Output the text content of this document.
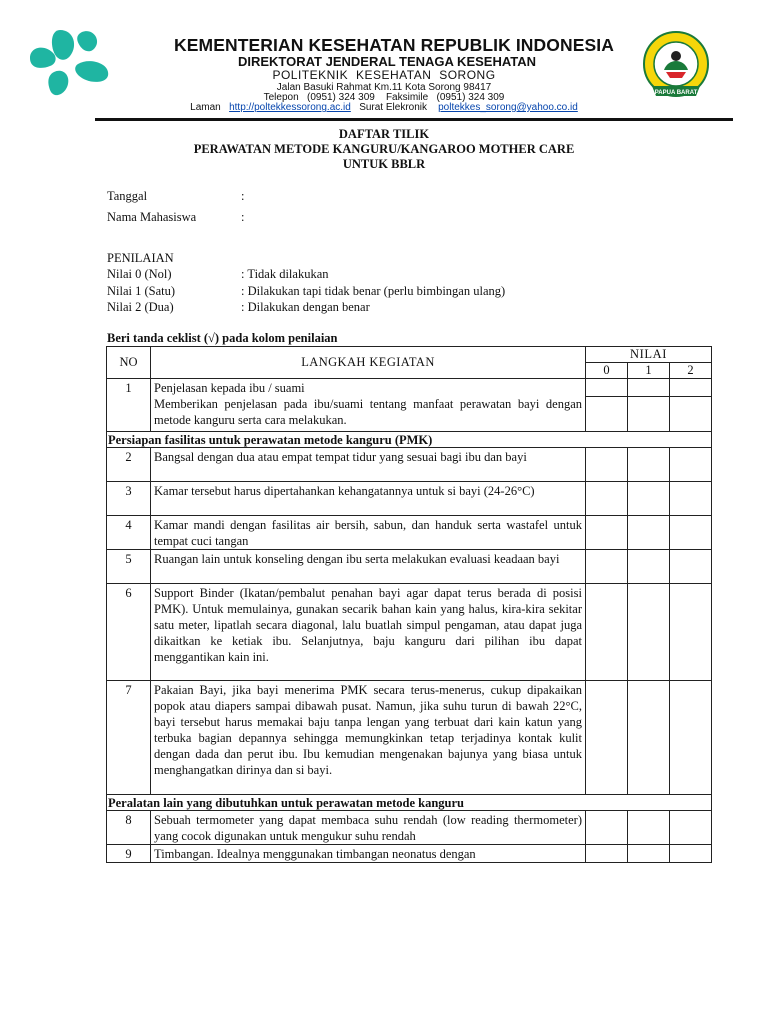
PAPUA BARAT
KEMENTERIAN KESEHATAN REPUBLIK INDONESIA
DIREKTORAT JENDERAL TENAGA KESEHATAN
POLITEKNIK KESEHATAN SORONG
Jalan Basuki Rahmat Km.11 Kota Sorong 98417
Telepon (0951) 324 309 Faksimile (0951) 324 309
Laman http://poltekkessorong.ac.id Surat Elekronik poltekkes_sorong@yahoo.co.id
DAFTAR TILIK
PERAWATAN METODE KANGURU/KANGAROO MOTHER CARE
UNTUK BBLR
Tanggal	:
Nama Mahasiswa	:
PENILAIAN
Nilai 0 (Nol)	: Tidak dilakukan
Nilai 1 (Satu)	: Dilakukan tapi tidak benar (perlu bimbingan ulang)
Nilai 2 (Dua)	: Dilakukan dengan benar
Beri tanda ceklist (√) pada kolom penilaian
NO	LANGKAH KEGIATAN	NILAI		
		0	1	2
1	Penjelasan kepada ibu / suami
Memberikan penjelasan pada ibu/suami tentang manfaat perawatan bayi dengan metode kanguru serta cara melakukan.			

Persiapan fasilitas untuk perawatan metode kanguru (PMK)				
2	Bangsal dengan dua atau empat tempat tidur yang sesuai bagi ibu dan bayi			
3	Kamar tersebut harus dipertahankan kehangatannya untuk si bayi (24-26°C)			
4	Kamar mandi dengan fasilitas air bersih, sabun, dan handuk serta wastafel untuk tempat cuci tangan			
5	Ruangan lain untuk konseling dengan ibu serta melakukan evaluasi keadaan bayi			
6	Support Binder (Ikatan/pembalut penahan bayi agar dapat terus berada di posisi PMK). Untuk memulainya, gunakan secarik bahan kain yang halus, kira-kira sekitar satu meter, lipatlah secara diagonal, lalu buatlah simpul pengaman, atau dapat juga dikaitkan ke ketiak ibu. Selanjutnya, baju kanguru dari pilihan ibu dapat menggantikan kain ini.			
7	Pakaian Bayi, jika bayi menerima PMK secara terus-menerus, cukup dipakaikan popok atau diapers sampai dibawah pusat. Namun, jika suhu turun di bawah 22°C, bayi tersebut harus memakai baju tanpa lengan yang terbuat dari kain katun yang terbuka bagian depannya sehingga memungkinkan tetap terjadinya kontak kulit dengan dada dan perut ibu. Ibu kemudian mengenakan bajunya yang biasa untuk menghangatkan dirinya dan si bayi.			
Peralatan lain yang dibutuhkan untuk perawatan metode kanguru				
8	Sebuah termometer yang dapat membaca suhu rendah (low reading thermometer) yang cocok digunakan untuk mengukur suhu rendah			
9	Timbangan. Idealnya menggunakan timbangan neonatus dengan			
